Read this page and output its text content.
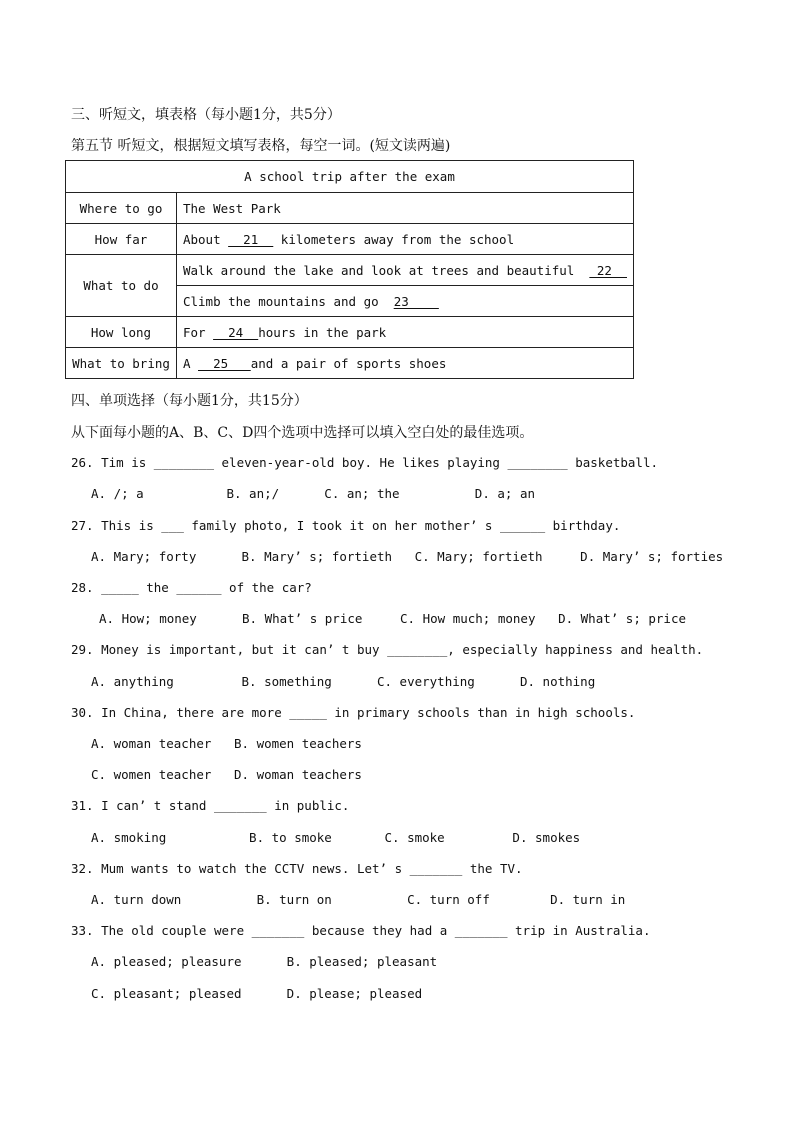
三、听短文，填表格（每小题1分，共5分）
第五节 听短文，根据短文填写表格，每空一词。(短文读两遍)
A school trip after the exam	
Where to go	The West Park
How far	About   21   kilometers away from the school
What to do	Walk around the lake and look at trees and beautiful   22
	Climb the mountains and go  23
How long	For   24  hours in the park
What to bring	A   25   and a pair of sports shoes
四、单项选择（每小题1分，共15分）
从下面每小题的A、B、C、D四个选项中选择可以填入空白处的最佳选项。
26. Tim is ________ eleven-year-old boy. He likes playing ________ basketball.
A. /; a           B. an;/      C. an; the          D. a; an
27. This is ___ family photo, I took it on her mother’ s ______ birthday.
A. Mary; forty      B. Mary’ s; fortieth   C. Mary; fortieth     D. Mary’ s; forties
28. _____ the ______ of the car?
A. How; money      B. What’ s price     C. How much; money   D. What’ s; price
29. Money is important, but it can’ t buy ________, especially happiness and health.
A. anything         B. something      C. everything      D. nothing
30. In China, there are more _____ in primary schools than in high schools.
A. woman teacher   B. women teachers
C. women teacher   D. woman teachers
31. I can’ t stand _______ in public.
A. smoking           B. to smoke       C. smoke         D. smokes
32. Mum wants to watch the CCTV news. Let’ s _______ the TV.
A. turn down          B. turn on          C. turn off        D. turn in
33. The old couple were _______ because they had a _______ trip in Australia.
A. pleased; pleasure      B. pleased; pleasant
C. pleasant; pleased      D. please; pleased
